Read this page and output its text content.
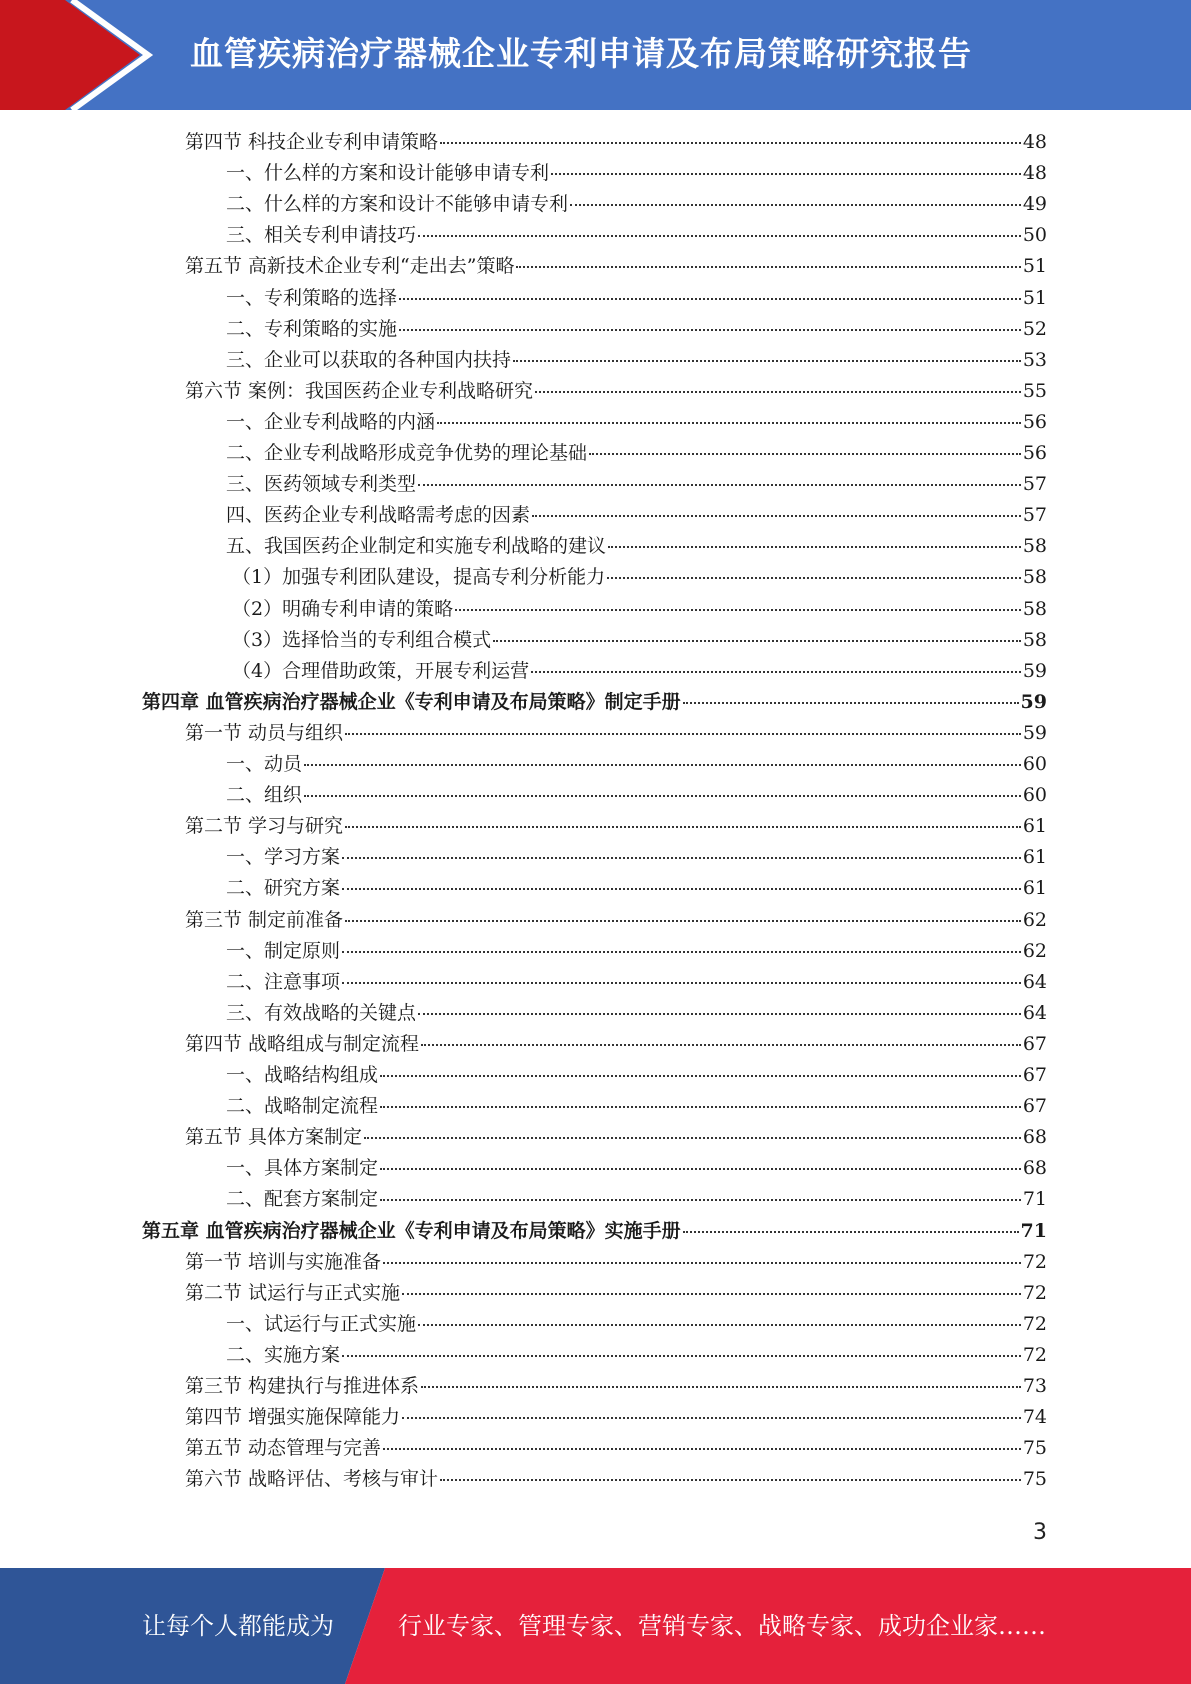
血管疾病治疗器械企业专利申请及布局策略研究报告
第四节 科技企业专利申请策略	48
一、什么样的方案和设计能够申请专利	48
二、什么样的方案和设计不能够申请专利	49
三、相关专利申请技巧	50
第五节 高新技术企业专利“走出去”策略	51
一、专利策略的选择	51
二、专利策略的实施	52
三、企业可以获取的各种国内扶持	53
第六节 案例：我国医药企业专利战略研究	55
一、企业专利战略的内涵	56
二、企业专利战略形成竞争优势的理论基础	56
三、医药领域专利类型	57
四、医药企业专利战略需考虑的因素	57
五、我国医药企业制定和实施专利战略的建议	58
（1）加强专利团队建设，提高专利分析能力	58
（2）明确专利申请的策略	58
（3）选择恰当的专利组合模式	58
（4）合理借助政策，开展专利运营	59
第四章 血管疾病治疗器械企业《专利申请及布局策略》制定手册	59
第一节 动员与组织	59
一、动员	60
二、组织	60
第二节 学习与研究	61
一、学习方案	61
二、研究方案	61
第三节 制定前准备	62
一、制定原则	62
二、注意事项	64
三、有效战略的关键点	64
第四节 战略组成与制定流程	67
一、战略结构组成	67
二、战略制定流程	67
第五节 具体方案制定	68
一、具体方案制定	68
二、配套方案制定	71
第五章 血管疾病治疗器械企业《专利申请及布局策略》实施手册	71
第一节 培训与实施准备	72
第二节 试运行与正式实施	72
一、试运行与正式实施	72
二、实施方案	72
第三节 构建执行与推进体系	73
第四节 增强实施保障能力	74
第五节 动态管理与完善	75
第六节 战略评估、考核与审计	75
3
让每个人都能成为	行业专家、管理专家、营销专家、战略专家、成功企业家……
